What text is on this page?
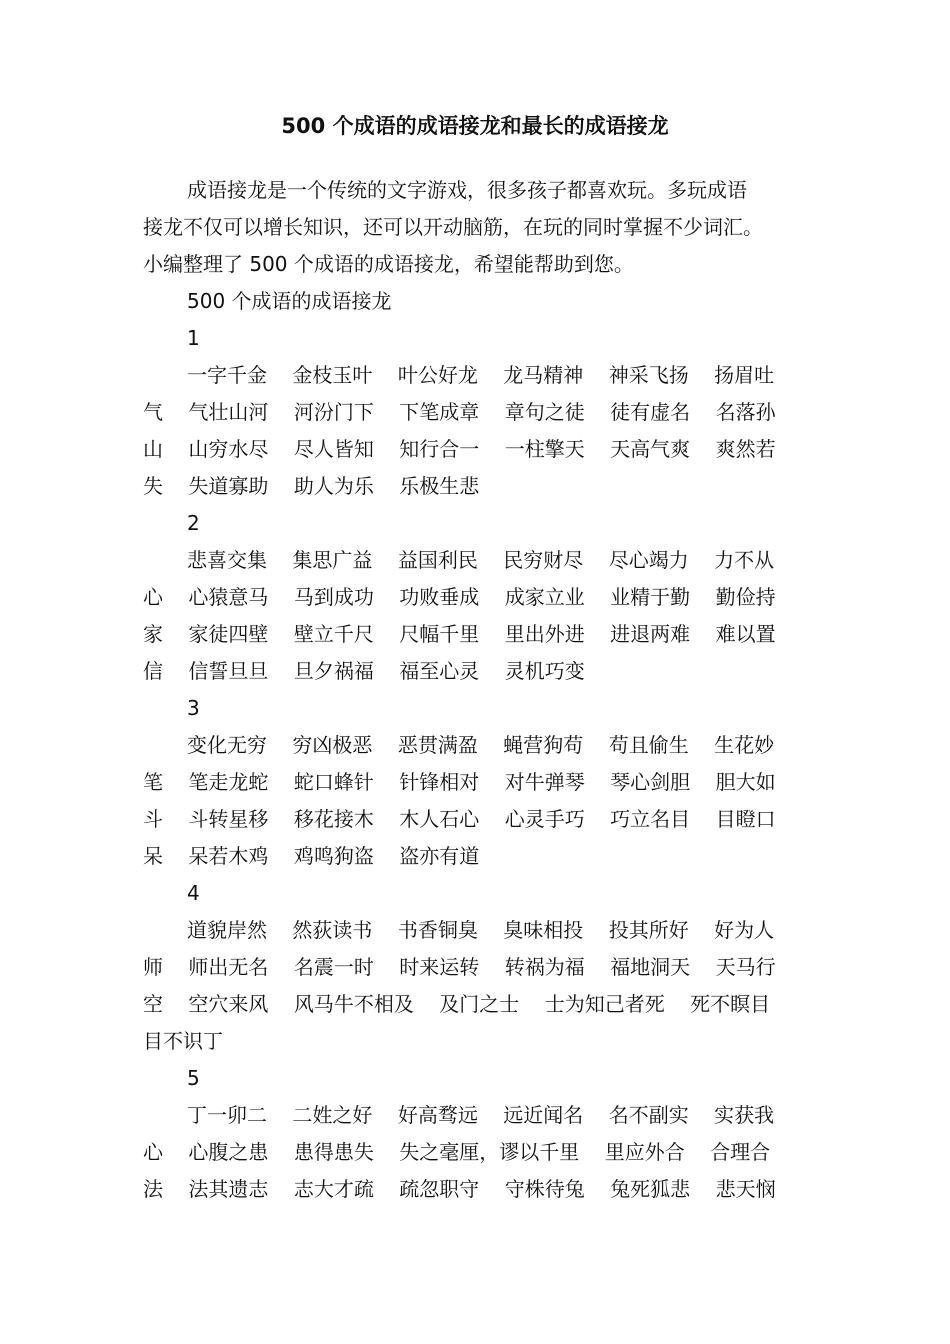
500 个成语的成语接龙和最长的成语接龙
成语接龙是一个传统的文字游戏，很多孩子都喜欢玩。多玩成语
接龙不仅可以增长知识，还可以开动脑筋，在玩的同时掌握不少词汇。
小编整理了 500 个成语的成语接龙，希望能帮助到您。
500 个成语的成语接龙
1
一字千金    金枝玉叶    叶公好龙    龙马精神    神采飞扬    扬眉吐
气    气壮山河    河汾门下    下笔成章    章句之徒    徒有虚名    名落孙
山    山穷水尽    尽人皆知    知行合一    一柱擎天    天高气爽    爽然若
失    失道寡助    助人为乐    乐极生悲
2
悲喜交集    集思广益    益国利民    民穷财尽    尽心竭力    力不从
心    心猿意马    马到成功    功败垂成    成家立业    业精于勤    勤俭持
家    家徒四壁    壁立千尺    尺幅千里    里出外进    进退两难    难以置
信    信誓旦旦    旦夕祸福    福至心灵    灵机巧变
3
变化无穷    穷凶极恶    恶贯满盈    蝇营狗苟    苟且偷生    生花妙
笔    笔走龙蛇    蛇口蜂针    针锋相对    对牛弹琴    琴心剑胆    胆大如
斗    斗转星移    移花接木    木人石心    心灵手巧    巧立名目    目瞪口
呆    呆若木鸡    鸡鸣狗盗    盗亦有道
4
道貌岸然    然荻读书    书香铜臭    臭味相投    投其所好    好为人
师    师出无名    名震一时    时来运转    转祸为福    福地洞天    天马行
空    空穴来风    风马牛不相及    及门之士    士为知己者死    死不瞑目
目不识丁
5
丁一卯二    二姓之好    好高骛远    远近闻名    名不副实    实获我
心    心腹之患    患得患失    失之毫厘，谬以千里    里应外合    合理合
法    法其遗志    志大才疏    疏忽职守    守株待兔    兔死狐悲    悲天悯
